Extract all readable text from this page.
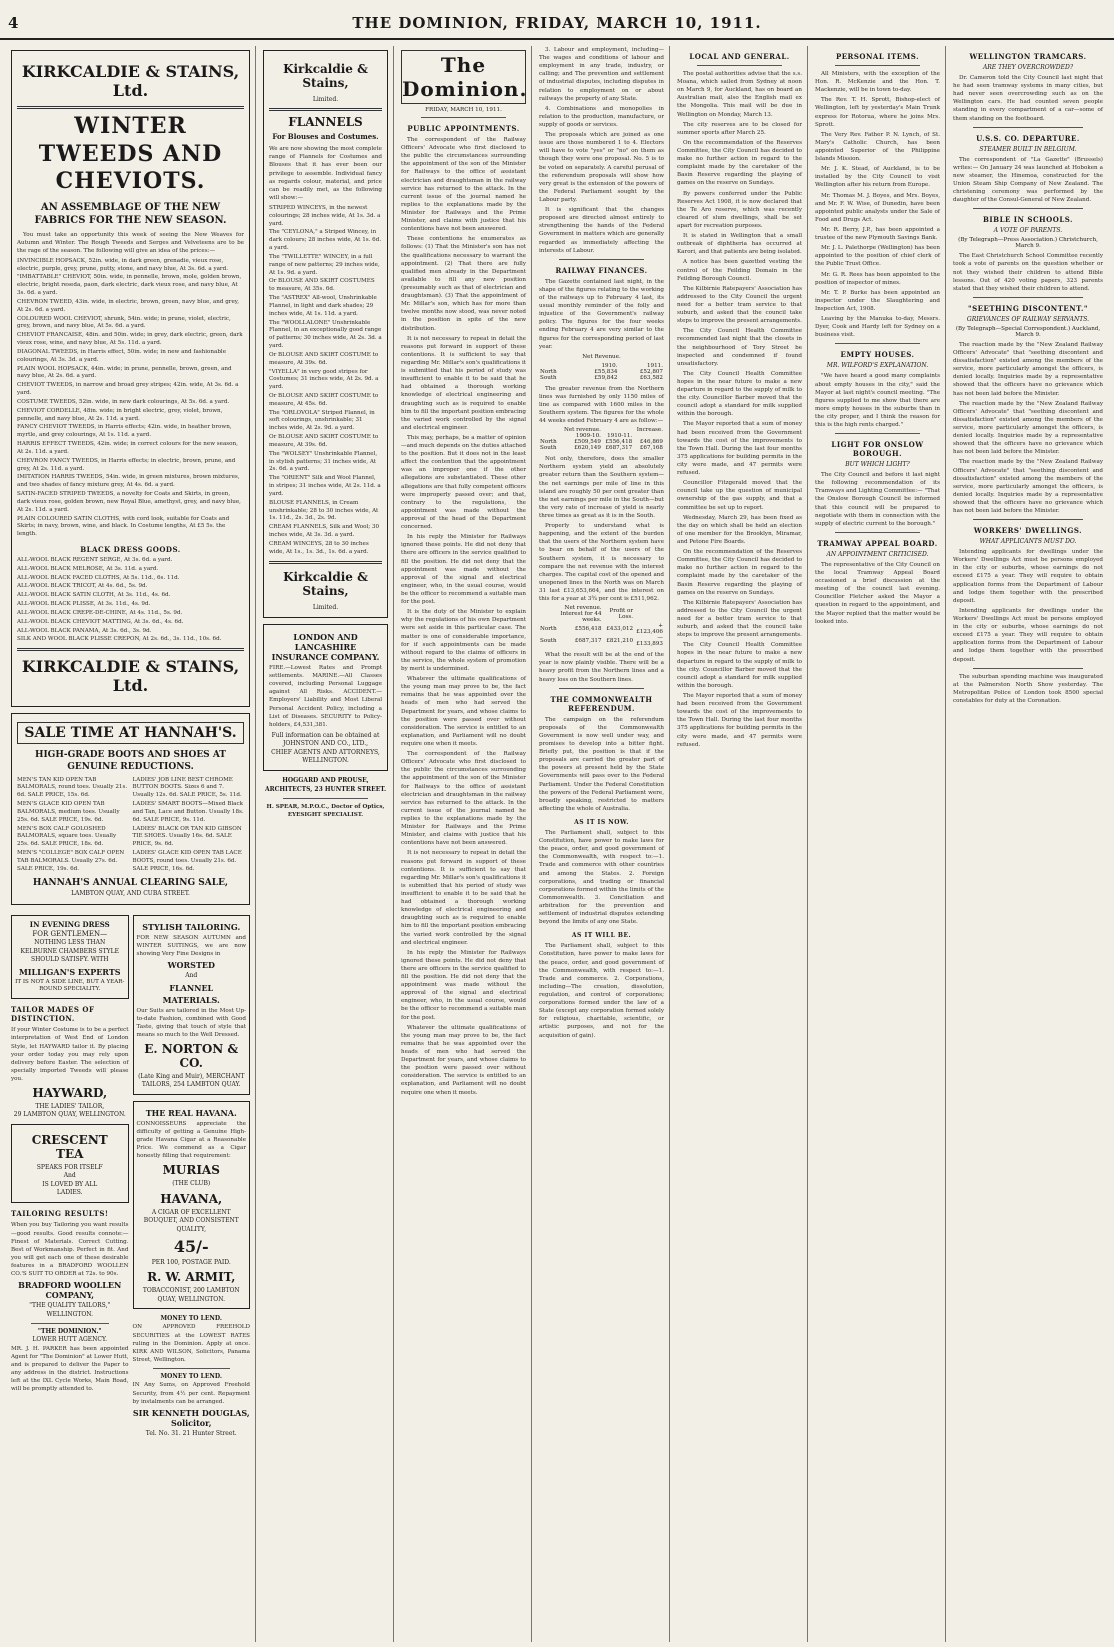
4	THE DOMINION, FRIDAY, MARCH 10, 1911.
KIRKCALDIE & STAINS, Ltd.
WINTER TWEEDS AND CHEVIOTS.
AN ASSEMBLAGE OF THE NEW FABRICS FOR THE NEW SEASON.
You must take an opportunity this week of seeing the New Weaves for Autumn and Winter. The Rough Tweeds and Serges and Velveteens are to be the rage of the season. The following will give an idea of the prices:—
INVINCIBLE HOPSACK, 52in. wide, in dark green, grenadie, vieux rose, electric, purple, grey, prune, putty, stone, and navy blue, At 3s. 6d. a yard.
"IMBATTABLE" CHEVIOT, 50in. wide, in pennelle, brown, mole, golden brown, electric, bright reseda, paon, dark electric, dark vieux rose, and navy blue, At 3s. 6d. a yard.
CHEVRON TWEED, 43in. wide, in electric, brown, green, navy blue, and grey, At 2s. 6d. a yard.
COLOURED WOOL CHEVIOT, shrunk, 54in. wide; in prune, violet, electric, grey, brown, and navy blue, At 5s. 6d. a yard.
CHEVIOT FRANCAISE, 48in. and 50in. wide; in grey, dark electric, green, dark vieux rose, wine, and navy blue, At 5s. 11d. a yard.
DIAGONAL TWEEDS, in Harris effect, 50in. wide; in new and fashionable colourings, At 3s. 3d. a yard.
PLAIN WOOL HOPSACK, 44in. wide; in prune, pennelle, brown, green, and navy blue, At 2s. 6d. a yard.
CHEVIOT TWEEDS, in narrow and broad grey stripes; 42in. wide, At 3s. 6d. a yard.
COSTUME TWEEDS, 52in. wide, in new dark colourings, At 5s. 6d. a yard.
CHEVIOT CORDELLE, 48in. wide; in bright electric, grey, violet, brown, pennelle, and navy blue, At 2s. 11d. a yard.
FANCY CHEVIOT TWEEDS, in Harris effects; 42in. wide, in heather brown, myrtle, and grey colourings, At 1s. 11d. a yard.
HARRIS EFFECT TWEEDS, 42in. wide; in correct colours for the new season, At 2s. 11d. a yard.
CHEVRON FANCY TWEEDS, in Harris effects; in electric, brown, prune, and grey, At 2s. 11d. a yard.
IMITATION HARRIS TWEEDS, 54in. wide, in green mixtures, brown mixtures, and two shades of fancy mixture grey, At 4s. 6d. a yard.
SATIN-FACED STRIPED TWEEDS, a novelty for Coats and Skirts, in green, dark vieux rose, golden brown, new Royal Blue, amethyst, grey, and navy blue, At 2s. 11d. a yard.
PLAIN COLOURED SATIN CLOTHS, with cord look, suitable for Coats and Skirts; in navy, brown, wine, and black. In Costume lengths, At £5 5s. the length.
BLACK DRESS GOODS.
ALL-WOOL BLACK REGENT SERGE, At 3s. 6d. a yard.
ALL-WOOL BLACK MELROSE, At 3s. 11d. a yard.
ALL-WOOL BLACK FACED CLOTHS, At 5s. 11d., 6s. 11d.
ALL-WOOL BLACK TRICOT, At 4s. 6d., 5s. 9d.
ALL-WOOL BLACK SATIN CLOTH, At 3s. 11d., 4s. 6d.
ALL-WOOL BLACK PLISSE, At 3s. 11d., 4s. 9d.
ALL-WOOL BLACK CREPE-DE-CHINE, At 4s. 11d., 5s. 9d.
ALL-WOOL BLACK CHEVIOT MATTING, At 3s. 6d., 4s. 6d.
ALL-WOOL BLACK PANAMA, At 3s. 6d., 3s. 9d.
SILK AND WOOL BLACK PLISSE CREPON, At 2s. 6d., 3s. 11d., 10s. 6d.
KIRKCALDIE & STAINS, Ltd.
SALE TIME AT HANNAH'S.
HIGH-GRADE BOOTS AND SHOES AT GENUINE REDUCTIONS.
MEN'S TAN KID OPEN TAB BALMORALS, round toes. Usually 21s. 6d. SALE PRICE, 15s. 6d.
MEN'S GLACE KID OPEN TAB BALMORALS, medium toes. Usually 25s. 6d. SALE PRICE, 19s. 6d.
MEN'S BOX CALF GOLOSHED BALMORALS, square toes. Usually 25s. 6d. SALE PRICE, 18s. 6d.
MEN'S "COLLEGE" BOX CALF OPEN TAB BALMORALS. Usually 27s. 6d. SALE PRICE, 19s. 6d.
LADIES' JOB LINE BEST CHROME BUTTON BOOTS. Sizes 6 and 7. Usually 12s. 6d. SALE PRICE, 5s. 11d.
LADIES' SMART BOOTS—Mixed Black and Tan, Lace and Button. Usually 18s. 6d. SALE PRICE, 9s. 11d.
LADIES' BLACK OR TAN KID GIBSON TIE SHOES. Usually 16s. 6d. SALE PRICE, 9s. 6d.
LADIES' GLACE KID OPEN TAB LACE BOOTS, round toes. Usually 21s. 6d. SALE PRICE, 16s. 6d.
HANNAH'S ANNUAL CLEARING SALE,
LAMBTON QUAY, AND CUBA STREET.
IN EVENING DRESS
FOR GENTLEMEN—
NOTHING LESS THAN
KELBURNE CHAMBERS STYLE
SHOULD SATISFY. WITH
MILLIGAN'S EXPERTS
IT IS NOT A SIDE LINE, BUT A YEAR-ROUND SPECIALITY.
TAILOR MADES OF DISTINCTION.
If your Winter Costume is to be a perfect interpretation of West End of London Style, let HAYWARD tailor it. By placing your order today you may rely upon delivery before Easter. The selection of specially imported Tweeds will please you.
HAYWARD,
THE LADIES' TAILOR,
29 LAMBTON QUAY, WELLINGTON.
CRESCENT TEA
SPEAKS FOR ITSELF
And
IS LOVED BY ALL
LADIES.
TAILORING RESULTS!
When you buy Tailoring you want results—good results. Good results connote:— Finest of Materials. Correct Cutting. Best of Workmanship. Perfect in fit. And you will get each one of these desirable features in a BRADFORD WOOLLEN CO.'S SUIT TO ORDER at 72s. to 90s.
BRADFORD WOOLLEN COMPANY,
"THE QUALITY TAILORS," WELLINGTON.
"THE DOMINION."
LOWER HUTT AGENCY.
MR. J. H. PARKER has been appointed Agent for "The Dominion" at Lower Hutt, and is prepared to deliver the Paper to any address in the district. Instructions left at the IXL Cycle Works, Main Road, will be promptly attended to.
STYLISH TAILORING.
FOR NEW SEASON AUTUMN and WINTER SUITINGS, we are now showing Very Fine Designs in
WORSTED
And
FLANNEL
MATERIALS.
Our Suits are tailored in the Most Up-to-date Fashion, combined with Good Taste, giving that touch of style that means so much to the Well Dressed.
E. NORTON & CO.
(Late King and Muir), MERCHANT TAILORS, 254 LAMBTON QUAY.
THE REAL HAVANA.
CONNOISSEURS appreciate the difficulty of getting a Genuine High-grade Havana Cigar at a Reasonable Price. We commend as a Cigar honestly filling that requirement:
MURIAS
(THE CLUB)
HAVANA,
A CIGAR OF EXCELLENT BOUQUET, AND CONSISTENT QUALITY,
45/-
PER 100, POSTAGE PAID.
R. W. ARMIT,
TOBACCONIST, 200 LAMBTON QUAY, WELLINGTON.
MONEY TO LEND.
ON APPROVED FREEHOLD SECURITIES at the LOWEST RATES ruling in the Dominion. Apply at once. KIRK AND WILSON, Solicitors, Panama Street, Wellington.
MONEY TO LEND.
IN Any Sums, on Approved Freehold Security, from 4½ per cent. Repayment by instalments can be arranged.
SIR KENNETH DOUGLAS, Solicitor,
Tel. No. 31. 21 Hunter Street.
Kirkcaldie & Stains,
Limited.
FLANNELS
For Blouses and Costumes.
We are now showing the most complete range of Flannels for Costumes and Blouses that it has ever been our privilege to assemble. Individual fancy as regards colour, material, and price can be readily met, as the following will show:—
STRIPED WINCEYS, in the newest colourings; 28 inches wide, At 1s. 3d. a yard.
The "CEYLONA," a Striped Wincey, in dark colours; 28 inches wide, At 1s. 6d. a yard.
The "TWILLETTE" WINCEY, in a full range of new patterns; 29 inches wide, At 1s. 9d. a yard.
Or BLOUSE AND SKIRT COSTUMES to measure, At 35s. 6d.
The "ASTREX" All-wool, Unshrinkable Flannel, in light and dark shades; 29 inches wide, At 1s. 11d. a yard.
The "WOOLLALONE" Unshrinkable Flannel, in an exceptionally good range of patterns; 30 inches wide, At 2s. 3d. a yard.
Or BLOUSE AND SKIRT COSTUME to measure, At 39s. 6d.
"VIYELLA" in very good stripes for Costumes; 31 inches wide, At 2s. 9d. a yard.
Or BLOUSE AND SKIRT COSTUME to measure, At 45s. 6d.
The "ORLOVOLA" Striped Flannel, in soft colourings, unshrinkable; 31 inches wide, At 2s. 9d. a yard.
Or BLOUSE AND SKIRT COSTUME to measure, At 39s. 6d.
The "WOLSEY" Unshrinkable Flannel, in stylish patterns; 31 inches wide, At 2s. 6d. a yard.
The "ORIENT" Silk and Wool Flannel, in stripes; 31 inches wide, At 2s. 11d. a yard.
BLOUSE FLANNELS, in Cream unshrinkable; 28 to 30 inches wide, At 1s. 11d., 2s. 3d., 2s. 9d.
CREAM FLANNELS, Silk and Wool; 30 inches wide, At 3s. 3d. a yard.
CREAM WINCEYS, 28 to 30 inches wide, At 1s., 1s. 3d., 1s. 6d. a yard.
Kirkcaldie & Stains,
Limited.
LONDON AND LANCASHIRE INSURANCE COMPANY.
FIRE.—Lowest Rates and Prompt settlements. MARINE.—All Classes covered, including Personal Luggage against All Risks. ACCIDENT.—Employers' Liability and Most Liberal Personal Accident Policy, including a List of Diseases. SECURITY to Policy-holders, £4,531,381.
Full information can be obtained at JOHNSTON AND CO., LTD.,
CHIEF AGENTS AND ATTORNEYS, WELLINGTON.
HOGGARD AND PROUSE, ARCHITECTS, 23 HUNTER STREET.
H. SPEAR, M.P.O.C., Doctor of Optics, EYESIGHT SPECIALIST.
The Dominion.
FRIDAY, MARCH 10, 1911.
PUBLIC APPOINTMENTS.

The correspondent of the Railway Officers' Advocate who first disclosed to the public the circumstances surrounding the appointment of the son of the Minister for Railways to the office of assistant electrician and draughtsman in the railway service has returned to the attack. In the current issue of the journal named he replies to the explanations made by the Minister for Railways and the Prime Minister, and claims with justice that his contentions have not been answered.

These contentions he enumerates as follows: (1) That the Minister's son has not the qualifications necessary to warrant the appointment. (2) That there are fully qualified men already in the Department available to fill any new position (presumably such as that of electrician and draughtsman). (3) That the appointment of Mr. Millar's son, which has for more than twelve months now stood, was never noted in the position in spite of the new distribution.

It is not necessary to repeat in detail the reasons put forward in support of these contentions. It is sufficient to say that regarding Mr. Millar's son's qualifications it is submitted that his period of study was insufficient to enable it to be said that he had obtained a thorough working knowledge of electrical engineering and draughting such as is required to enable him to fill the important position embracing the varied work controlled by the signal and electrical engineer.

This may, perhaps, be a matter of opinion—and much depends on the duties attached to the position. But it does not in the least affect the contention that the appointment was an improper one if the other allegations are substantiated. These other allegations are that fully competent officers were improperly passed over; and that, contrary to the regulations, the appointment was made without the approval of the head of the Department concerned.

In his reply the Minister for Railways ignored these points. He did not deny that there are officers in the service qualified to fill the position. He did not deny that the appointment was made without the approval of the signal and electrical engineer, who, in the usual course, would be the officer to recommend a suitable man for the post.

It is the duty of the Minister to explain why the regulations of his own Department were set aside in this particular case. The matter is one of considerable importance, for if such appointments can be made without regard to the claims of officers in the service, the whole system of promotion by merit is undermined.

Whatever the ultimate qualifications of the young man may prove to be, the fact remains that he was appointed over the heads of men who had served the Department for years, and whose claims to the position were passed over without consideration. The service is entitled to an explanation, and Parliament will no doubt require one when it meets.

The correspondent of the Railway Officers' Advocate who first disclosed to the public the circumstances surrounding the appointment of the son of the Minister for Railways to the office of assistant electrician and draughtsman in the railway service has returned to the attack. In the current issue of the journal named he replies to the explanations made by the Minister for Railways and the Prime Minister, and claims with justice that his contentions have not been answered.

It is not necessary to repeat in detail the reasons put forward in support of these contentions. It is sufficient to say that regarding Mr. Millar's son's qualifications it is submitted that his period of study was insufficient to enable it to be said that he had obtained a thorough working knowledge of electrical engineering and draughting such as is required to enable him to fill the important position embracing the varied work controlled by the signal and electrical engineer.

In his reply the Minister for Railways ignored these points. He did not deny that there are officers in the service qualified to fill the position. He did not deny that the appointment was made without the approval of the signal and electrical engineer, who, in the usual course, would be the officer to recommend a suitable man for the post.

Whatever the ultimate qualifications of the young man may prove to be, the fact remains that he was appointed over the heads of men who had served the Department for years, and whose claims to the position were passed over without consideration. The service is entitled to an explanation, and Parliament will no doubt require one when it meets.

3. Labour and employment, including—The wages and conditions of labour and employment in any trade, industry, or calling; and The prevention and settlement of industrial disputes, including disputes in relation to employment on or about railways the property of any State.

4. Combinations and monopolies in relation to the production, manufacture, or supply of goods or services.

The proposals which are joined as one issue are those numbered 1 to 4. Electors will have to vote "yes" or "no" on them as though they were one proposal. No. 5 is to be voted on separately. A careful perusal of the referendum proposals will show how very great is the extension of the powers of the Federal Parliament sought by the Labour party.

It is significant that the changes proposed are directed almost entirely to strengthening the hands of the Federal Government in matters which are generally regarded as immediately affecting the interests of Labour.

RAILWAY FINANCES.

The Gazette contained last night, in the shape of the figures relating to the working of the railways up to February 4 last, its usual monthly reminder of the folly and injustice of the Government's railway policy. The figures for the four weeks ending February 4 are very similar to the figures for the corresponding period of last year.

Net Revenue.
	1910.	1911.
North	£55,834	£52,807
South	£59,842	£63,582

The greater revenue from the Northern lines was furnished by only 1150 miles of line as compared with 1600 miles in the Southern system. The figures for the whole 44 weeks ended February 4 are as follow:—

	Net revenue.		Increase.
	1909-10.	1910-11.	
North	£509,549	£556,418	£46,869
South	£620,149	£687,317	£67,168

Not only, therefore, does the smaller Northern system yield an absolutely greater return than the Southern system—the net earnings per mile of line in this island are roughly 50 per cent greater than the net earnings per mile in the South—but the very rate of increase of yield is nearly three times as great as it is in the South.

Properly to understand what is happening, and the extent of the burden that the users of the Northern system have to bear on behalf of the users of the Southern system, it is necessary to compare the net revenue with the interest charges. The capital cost of the opened and unopened lines in the North was on March 31 last £13,653,664, and the interest on this for a year at 3¾ per cent is £511,962.

	Net revenue. Interest for 44 weeks.	Profit or Loss.	
North	£556,418	£433,012	+£123,406
South	£687,317	£821,210	—£133,893

What the result will be at the end of the year is now plainly visible. There will be a heavy profit from the Northern lines and a heavy loss on the Southern lines.

THE COMMONWEALTH REFERENDUM.

The campaign on the referendum proposals of the Commonwealth Government is now well under way, and promises to develop into a bitter fight. Briefly put, the position is that if the proposals are carried the greater part of the powers at present held by the State Governments will pass over to the Federal Parliament. Under the Federal Constitution the powers of the Federal Parliament were, broadly speaking, restricted to matters affecting the whole of Australia.

AS IT IS NOW.

The Parliament shall, subject to this Constitution, have power to make laws for the peace, order, and good government of the Commonwealth, with respect to:—1. Trade and commerce with other countries and among the States. 2. Foreign corporations, and trading or financial corporations formed within the limits of the Commonwealth. 3. Conciliation and arbitration for the prevention and settlement of industrial disputes extending beyond the limits of any one State.

AS IT WILL BE.

The Parliament shall, subject to this Constitution, have power to make laws for the peace, order, and good government of the Commonwealth, with respect to:—1. Trade and commerce. 2. Corporations, including—The creation, dissolution, regulation, and control of corporations; corporations formed under the law of a State (except any corporation formed solely for religious, charitable, scientific, or artistic purposes, and not for the acquisition of gain).

LOCAL AND GENERAL.

The postal authorities advise that the s.s. Moana, which sailed from Sydney at noon on March 9, for Auckland, has on board an Australian mail, also the English mail ex the Mongolia. This mail will be due in Wellington on Monday, March 13.

The city reserves are to be closed for summer sports after March 25.

On the recommendation of the Reserves Committee, the City Council has decided to make no further action in regard to the complaint made by the caretaker of the Basin Reserve regarding the playing of games on the reserve on Sundays.

By powers conferred under the Public Reserves Act 1908, it is now declared that the Te Aro reserve, which was recently cleared of slum dwellings, shall be set apart for recreation purposes.

It is stated in Wellington that a small outbreak of diphtheria has occurred at Karori, and that patients are being isolated.

A notice has been gazetted vesting the control of the Feilding Domain in the Feilding Borough Council.

The Kilbirnie Ratepayers' Association has addressed to the City Council the urgent need for a better tram service to that suburb, and asked that the council take steps to improve the present arrangements.

The City Council Health Committee recommended last night that the closets in the neighbourhood of Tory Street be inspected and condemned if found unsatisfactory.

The City Council Health Committee hopes in the near future to make a new departure in regard to the supply of milk to the city. Councillor Barber moved that the council adopt a standard for milk supplied within the borough.

The Mayor reported that a sum of money had been received from the Government towards the cost of the improvements to the Town Hall. During the last four months 375 applications for building permits in the city were made, and 47 permits were refused.

Councillor Fitzgerald moved that the council take up the question of municipal ownership of the gas supply, and that a committee be set up to report.

Wednesday, March 29, has been fixed as the day on which shall be held an election of one member for the Brooklyn, Miramar, and Petone Fire Boards.

On the recommendation of the Reserves Committee, the City Council has decided to make no further action in regard to the complaint made by the caretaker of the Basin Reserve regarding the playing of games on the reserve on Sundays.

The Kilbirnie Ratepayers' Association has addressed to the City Council the urgent need for a better tram service to that suburb, and asked that the council take steps to improve the present arrangements.

The City Council Health Committee hopes in the near future to make a new departure in regard to the supply of milk to the city. Councillor Barber moved that the council adopt a standard for milk supplied within the borough.

The Mayor reported that a sum of money had been received from the Government towards the cost of the improvements to the Town Hall. During the last four months 375 applications for building permits in the city were made, and 47 permits were refused.

PERSONAL ITEMS.

All Ministers, with the exception of the Hon. R. McKenzie and the Hon. T. Mackenzie, will be in town to-day.

The Rev. T. H. Sprott, Bishop-elect of Wellington, left by yesterday's Main Trunk express for Rotorua, where he joins Mrs. Sprott.

The Very Rev. Father P. N. Lynch, of St. Mary's Catholic Church, has been appointed Superior of the Philippine Islands Mission.

Mr. J. K. Stead, of Auckland, is to be installed by the City Council to visit Wellington after his return from Europe.

Mr. Thomas M. J. Boyes, and Mrs. Boyes, and Mr. F. W. Wise, of Dunedin, have been appointed public analysts under the Sale of Food and Drugs Act.

Mr. R. Berry, J.P., has been appointed a trustee of the new Plymouth Savings Bank.

Mr. J. L. Palethorpe (Wellington) has been appointed to the position of chief clerk of the Public Trust Office.

Mr. G. R. Rees has been appointed to the position of inspector of mines.

Mr. T. P. Burke has been appointed an inspector under the Slaughtering and Inspection Act, 1908.

Leaving by the Manuka to-day, Messrs. Dyer, Cook and Hardy left for Sydney on a business visit.

EMPTY HOUSES.
MR. WILFORD'S EXPLANATION.

"We have heard a good many complaints about empty houses in the city," said the Mayor at last night's council meeting. "The figures supplied to me show that there are more empty houses in the suburbs than in the city proper, and I think the reason for this is the high rents charged."

LIGHT FOR ONSLOW BOROUGH.
BUT WHICH LIGHT?

The City Council and before it last night the following recommendation of its Tramways and Lighting Committee:— "That the Onslow Borough Council be informed that this council will be prepared to negotiate with them in connection with the supply of electric current to the borough."

TRAMWAY APPEAL BOARD.
AN APPOINTMENT CRITICISED.

The representative of the City Council on the local Tramway Appeal Board occasioned a brief discussion at the meeting of the council last evening. Councillor Fletcher asked the Mayor a question in regard to the appointment, and the Mayor replied that the matter would be looked into.

WELLINGTON TRAMCARS.
ARE THEY OVERCROWDED?

Dr. Cameron told the City Council last night that he had seen tramway systems in many cities, but had never seen overcrowding such as on the Wellington cars. He had counted seven people standing in every compartment of a car—some of them standing on the footboard.

U.S.S. CO. DEPARTURE.
STEAMER BUILT IN BELGIUM.

The correspondent of "La Gazette" (Brussels) writes:— On January 24 was launched at Hoboken a new steamer, the Hinemoa, constructed for the Union Steam Ship Company of New Zealand. The christening ceremony was performed by the daughter of the Consul-General of New Zealand.

BIBLE IN SCHOOLS.
A VOTE OF PARENTS.
(By Telegraph—Press Association.) Christchurch, March 9.

The East Christchurch School Committee recently took a vote of parents on the question whether or not they wished their children to attend Bible lessons. Out of 420 voting papers, 323 parents stated that they wished their children to attend.

"SEETHING DISCONTENT."
GRIEVANCES OF RAILWAY SERVANTS.
(By Telegraph—Special Correspondent.) Auckland, March 9.

The reaction made by the "New Zealand Railway Officers' Advocate" that "seething discontent and dissatisfaction" existed among the members of the service, more particularly amongst the officers, is denied locally. Inquiries made by a representative showed that the officers have no grievance which has not been laid before the Minister.

The reaction made by the "New Zealand Railway Officers' Advocate" that "seething discontent and dissatisfaction" existed among the members of the service, more particularly amongst the officers, is denied locally. Inquiries made by a representative showed that the officers have no grievance which has not been laid before the Minister.

The reaction made by the "New Zealand Railway Officers' Advocate" that "seething discontent and dissatisfaction" existed among the members of the service, more particularly amongst the officers, is denied locally. Inquiries made by a representative showed that the officers have no grievance which has not been laid before the Minister.

WORKERS' DWELLINGS.
WHAT APPLICANTS MUST DO.

Intending applicants for dwellings under the Workers' Dwellings Act must be persons employed in the city or suburbs, whose earnings do not exceed £175 a year. They will require to obtain application forms from the Department of Labour and lodge them together with the prescribed deposit.

Intending applicants for dwellings under the Workers' Dwellings Act must be persons employed in the city or suburbs, whose earnings do not exceed £175 a year. They will require to obtain application forms from the Department of Labour and lodge them together with the prescribed deposit.

The suburban spending machine was inaugurated at the Palmerston North Show yesterday. The Metropolitan Police of London took 8500 special constables for duty at the Coronation.
